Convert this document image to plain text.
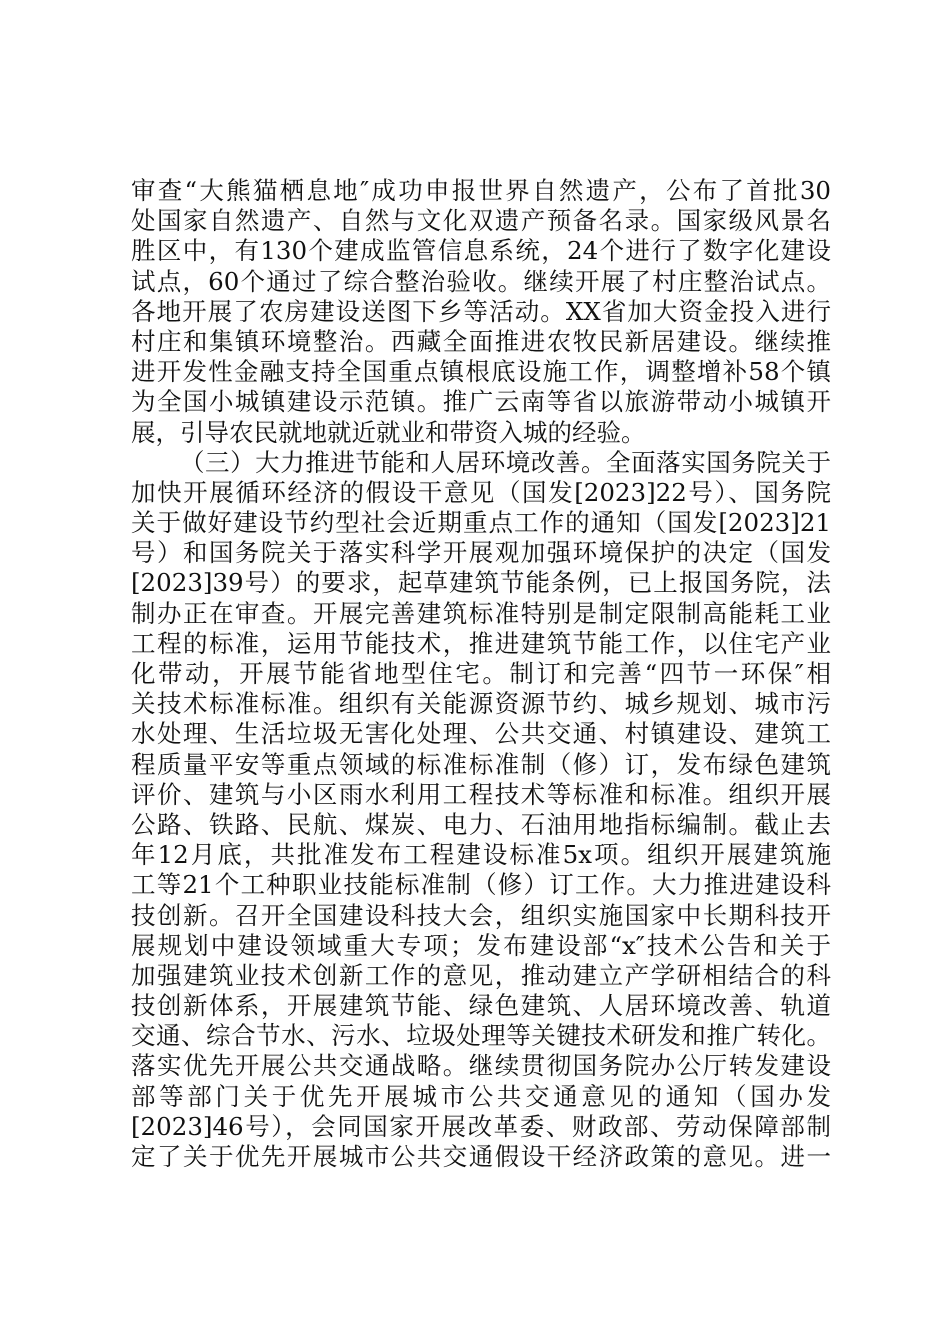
审查“大熊猫栖息地″成功申报世界自然遗产，公布了首批30
处国家自然遗产、自然与文化双遗产预备名录。国家级风景名
胜区中，有130个建成监管信息系统，24个进行了数字化建设
试点，60个通过了综合整治验收。继续开展了村庄整治试点。
各地开展了农房建设送图下乡等活动。XX省加大资金投入进行
村庄和集镇环境整治。西藏全面推进农牧民新居建设。继续推
进开发性金融支持全国重点镇根底设施工作，调整增补58个镇
为全国小城镇建设示范镇。推广云南等省以旅游带动小城镇开
展，引导农民就地就近就业和带资入城的经验。
（三）大力推进节能和人居环境改善。全面落实国务院关于
加快开展循环经济的假设干意见（国发[2023]22号）、国务院
关于做好建设节约型社会近期重点工作的通知（国发[2023]21
号）和国务院关于落实科学开展观加强环境保护的决定（国发
[2023]39号）的要求，起草建筑节能条例，已上报国务院，法
制办正在审查。开展完善建筑标准特别是制定限制高能耗工业
工程的标准，运用节能技术，推进建筑节能工作，以住宅产业
化带动，开展节能省地型住宅。制订和完善“四节一环保″相
关技术标准标准。组织有关能源资源节约、城乡规划、城市污
水处理、生活垃圾无害化处理、公共交通、村镇建设、建筑工
程质量平安等重点领域的标准标准制（修）订，发布绿色建筑
评价、建筑与小区雨水利用工程技术等标准和标准。组织开展
公路、铁路、民航、煤炭、电力、石油用地指标编制。截止去
年12月底，共批准发布工程建设标准5x项。组织开展建筑施
工等21个工种职业技能标准制（修）订工作。大力推进建设科
技创新。召开全国建设科技大会，组织实施国家中长期科技开
展规划中建设领域重大专项；发布建设部“x″技术公告和关于
加强建筑业技术创新工作的意见，推动建立产学研相结合的科
技创新体系，开展建筑节能、绿色建筑、人居环境改善、轨道
交通、综合节水、污水、垃圾处理等关键技术研发和推广转化。
落实优先开展公共交通战略。继续贯彻国务院办公厅转发建设
部等部门关于优先开展城市公共交通意见的通知（国办发
[2023]46号），会同国家开展改革委、财政部、劳动保障部制
定了关于优先开展城市公共交通假设干经济政策的意见。进一
